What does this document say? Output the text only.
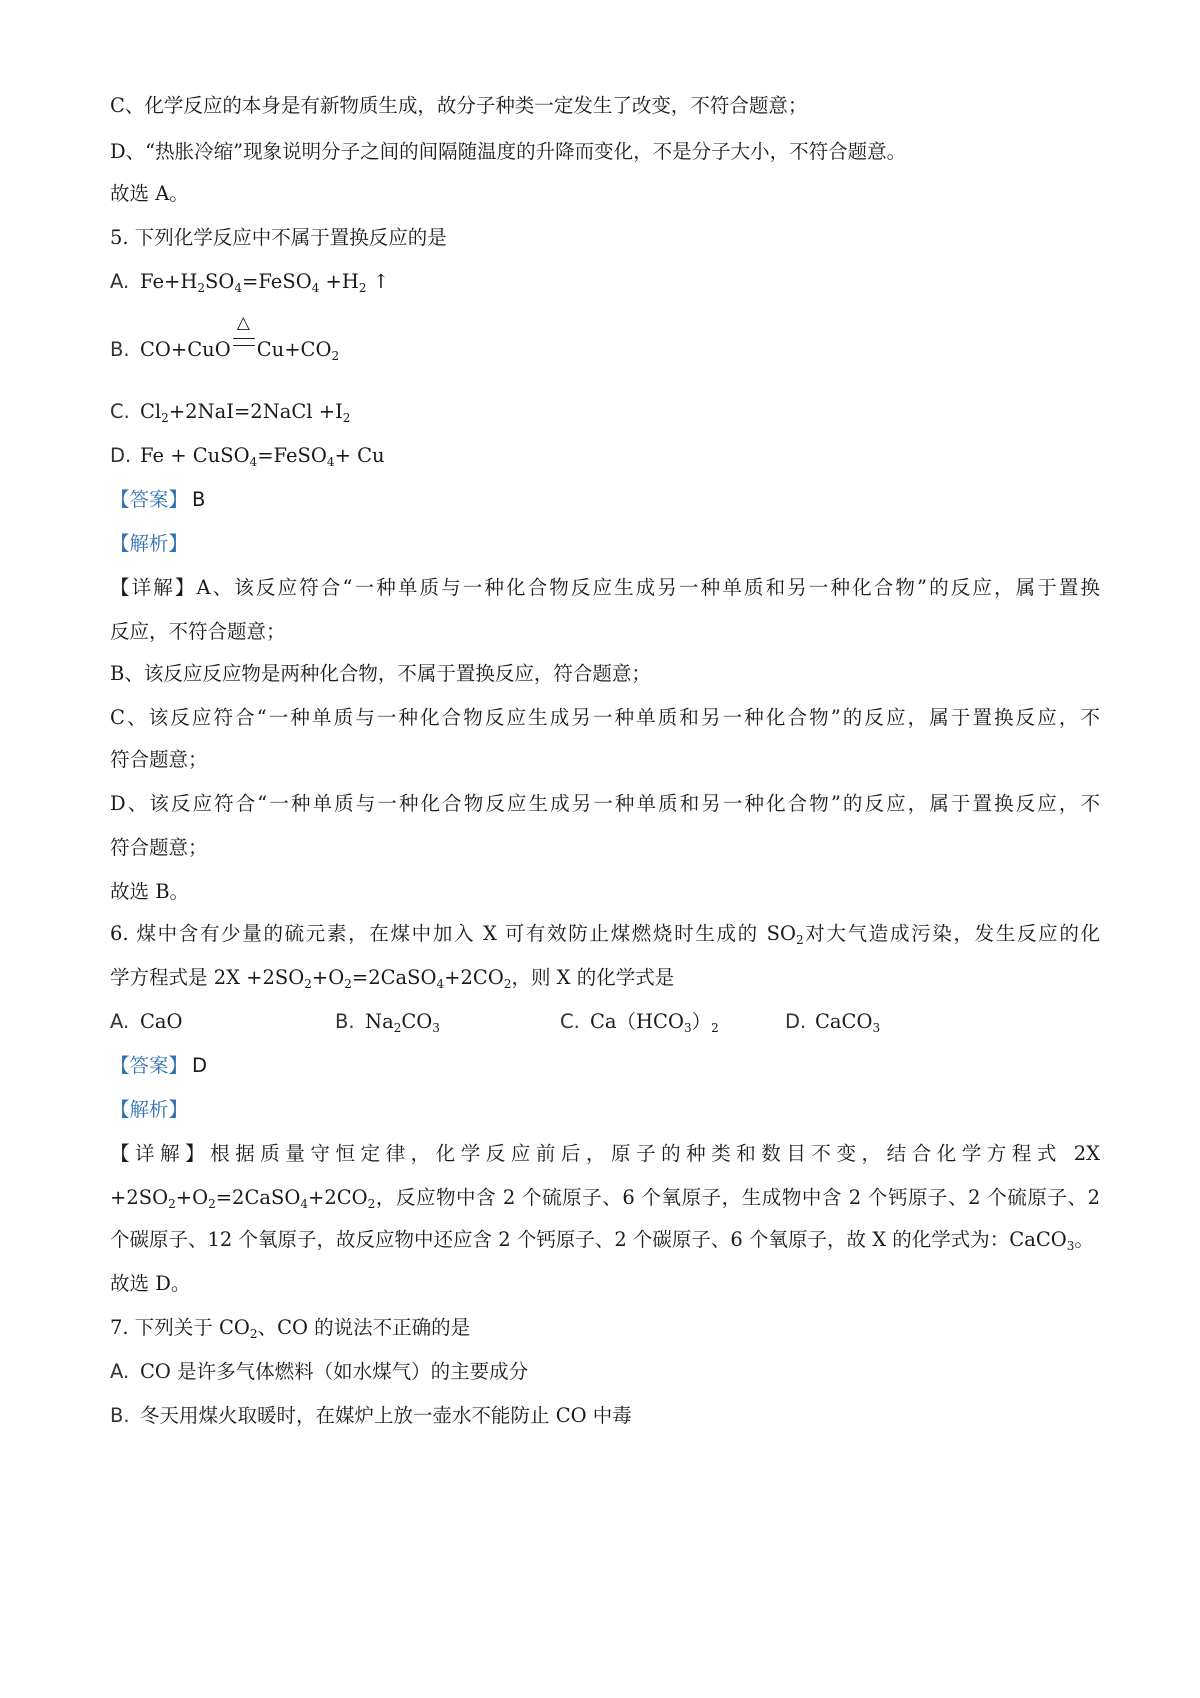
C、化学反应的本身是有新物质生成，故分子种类一定发生了改变，不符合题意；
D、“热胀冷缩”现象说明分子之间的间隔随温度的升降而变化，不是分子大小，不符合题意。
故选 A。
5. 下列化学反应中不属于置换反应的是
A. $Fe+H_2SO_4=FeSO_4 +H_2$ ↑
B. CO+CuO
△
$Cu+CO_2$
C. $Cl_2+2NaI=2NaCl +I_2$
D. Fe + CuSO$_4$=FeSO$_4$+ Cu
【答案】 B
【解析】
【详解】A、该反应符合“一种单质与一种化合物反应生成另一种单质和另一种化合物”的反应，属于置换
反应，不符合题意；
B、该反应反应物是两种化合物，不属于置换反应，符合题意；
C、该反应符合“一种单质与一种化合物反应生成另一种单质和另一种化合物”的反应，属于置换反应，不
符合题意；
D、该反应符合“一种单质与一种化合物反应生成另一种单质和另一种化合物”的反应，属于置换反应，不
符合题意；
故选 B。
6. 煤中含有少量的硫元素，在煤中加入 X 可有效防止煤燃烧时生成的 $SO_2$对大气造成污染，发生反应的化
学方程式是 $2X +2SO_2+O_2=2CaSO_4+2CO_2$，则 X 的化学式是
A. CaO	B. $Na_2CO_3$	C. $Ca(HCO_3)_2$	D. CaCO$_3$
【答案】 D
【解析】
【详解】根据质量守恒定律，化学反应前后，原子的种类和数目不变，结合化学方程式 2X
$+2SO_2+O_2=2CaSO_4+2CO_2$，反应物中含 2 个硫原子、6 个氧原子，生成物中含 2 个钙原子、2 个硫原子、2
个碳原子、12 个氧原子，故反应物中还应含 2 个钙原子、2 个碳原子、6 个氧原子，故 X 的化学式为：CaCO$_3$。
故选 D。
7. 下列关于 $CO_2$、CO 的说法不正确的是
A. CO 是许多气体燃料（如水煤气）的主要成分
B. 冬天用煤火取暖时，在媒炉上放一壶水不能防止 CO 中毒
